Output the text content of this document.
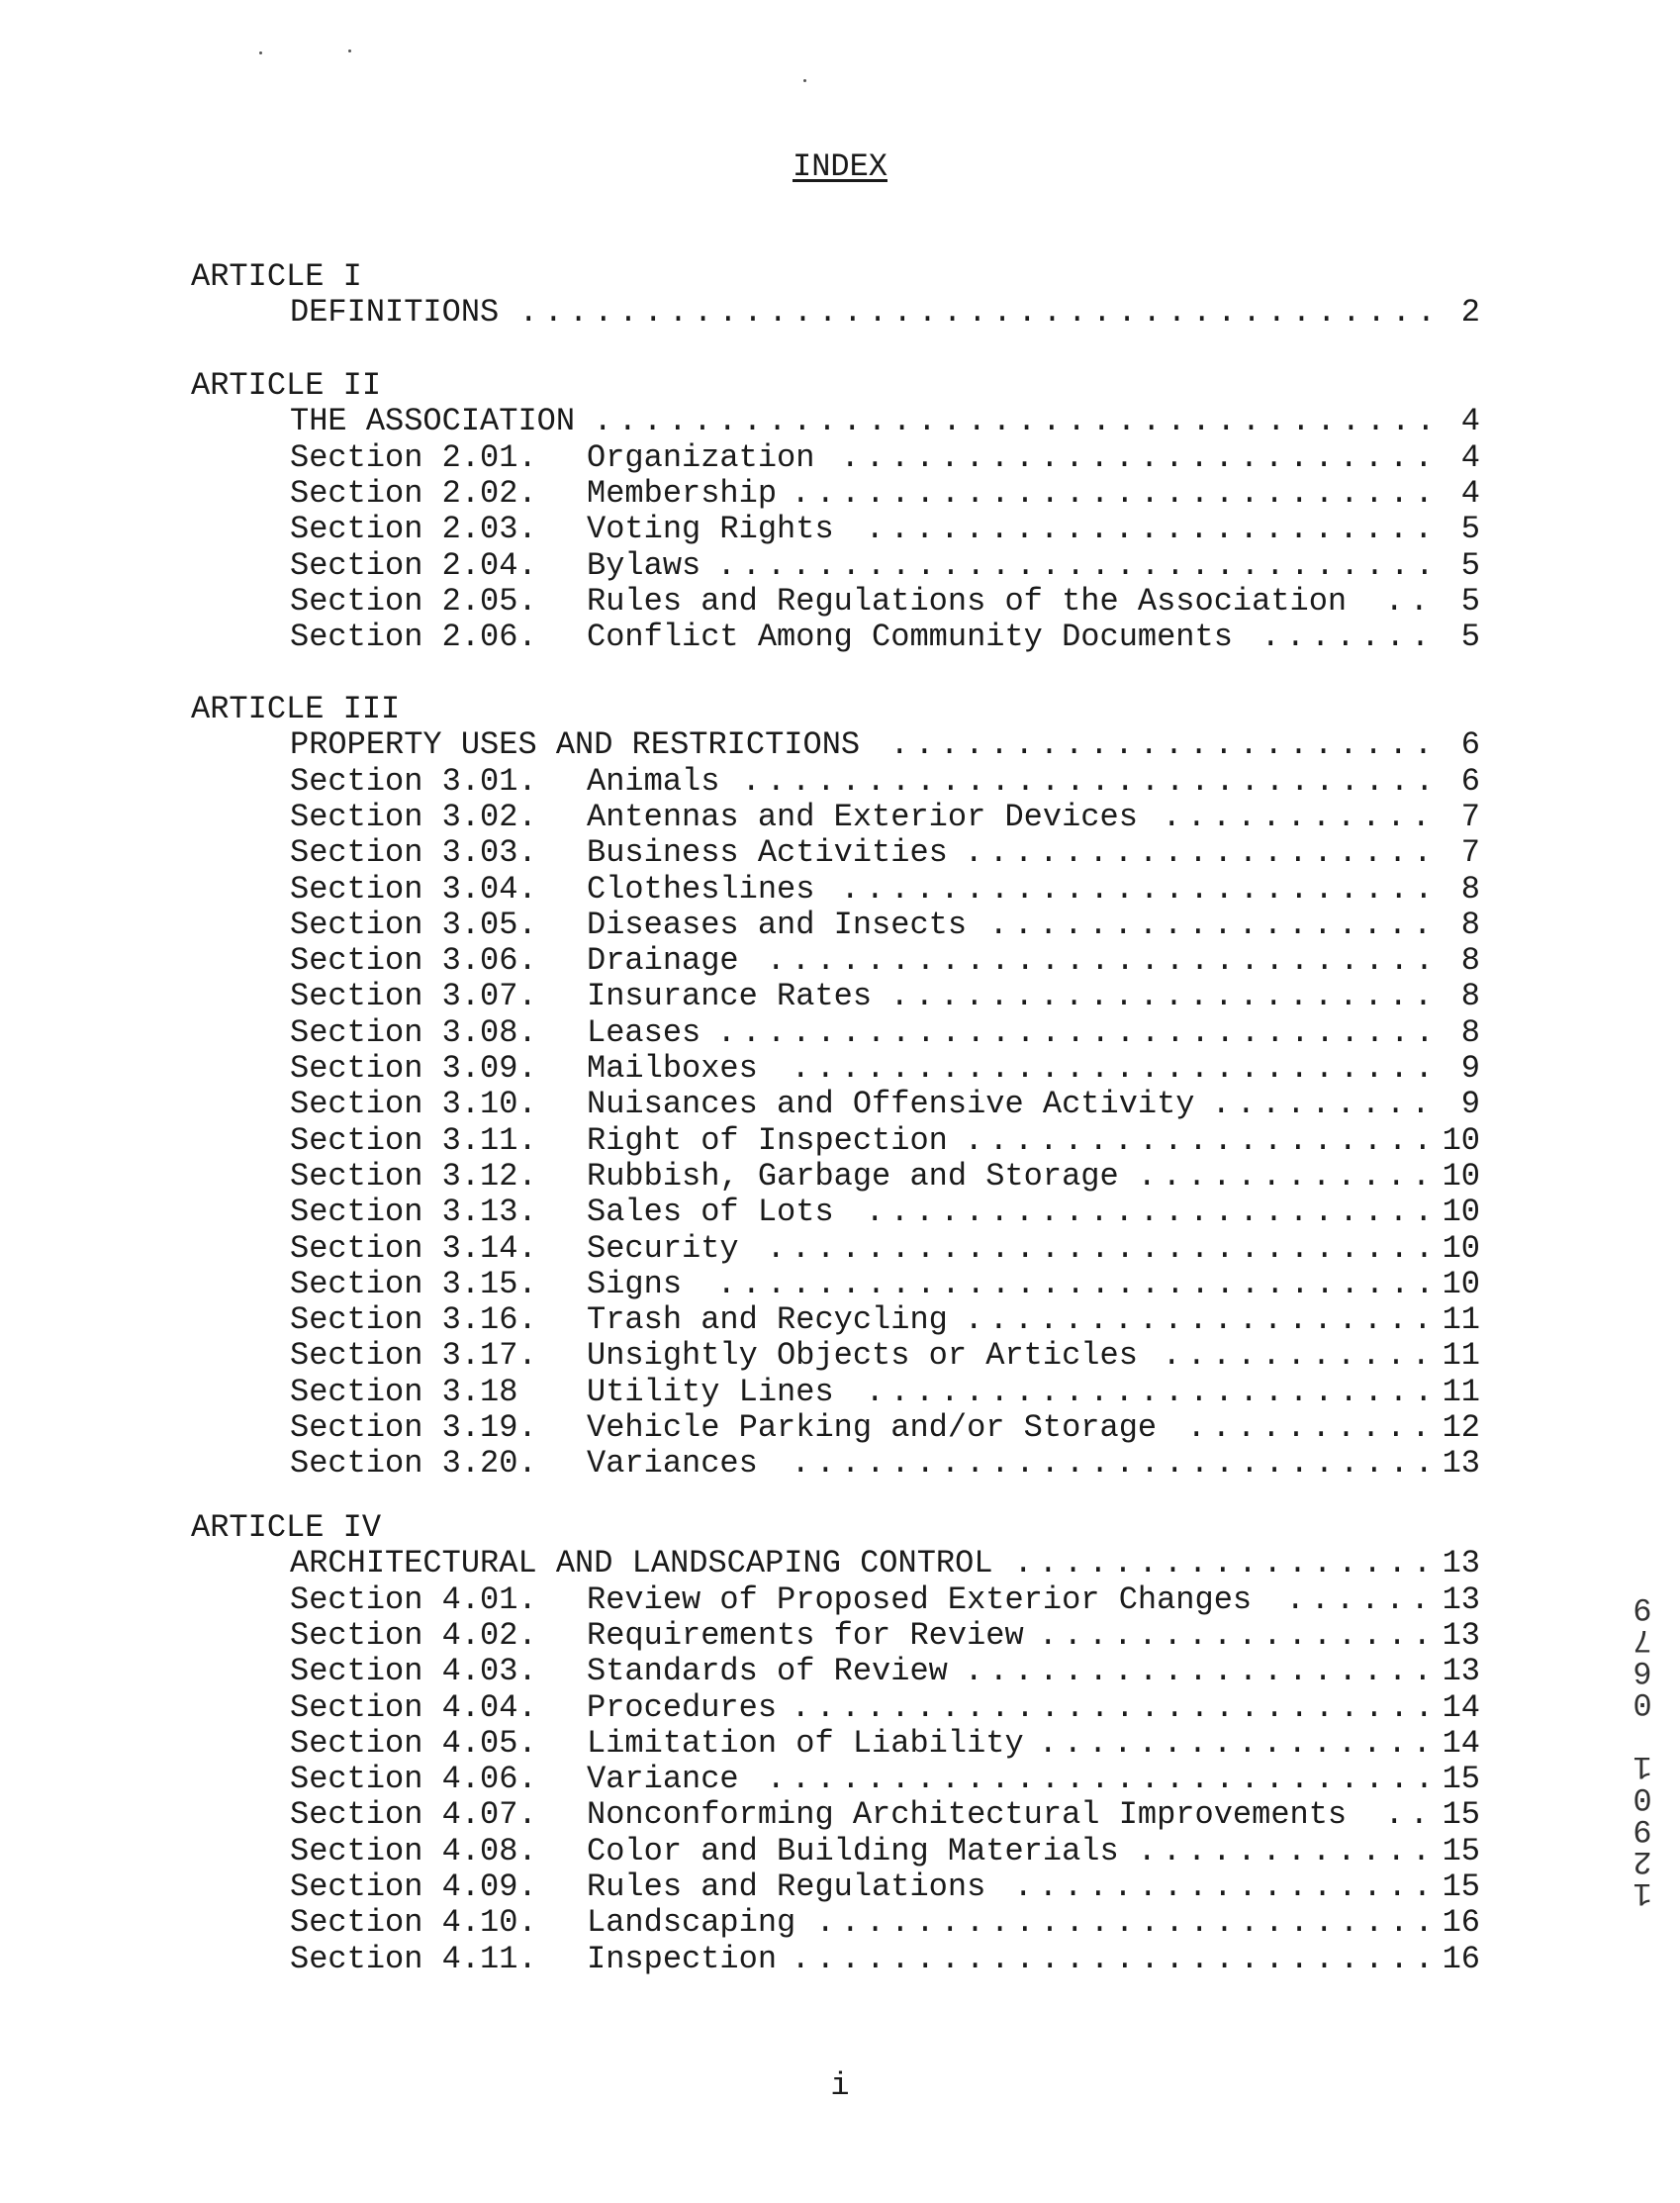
INDEX
ARTICLE I
DEFINITIONS ..................................... 2
ARTICLE II
THE ASSOCIATION .................................. 4
Section 2.01. Organization ........................ 4
Section 2.02. Membership .......................... 4
Section 2.03. Voting Rights ....................... 5
Section 2.04. Bylaws ............................. 5
Section 2.05. Rules and Regulations of the Association .. 5
Section 2.06. Conflict Among Community Documents ....... 5
ARTICLE III
PROPERTY USES AND RESTRICTIONS ...................... 6
Section 3.01. Animals ............................ 6
Section 3.02. Antennas and Exterior Devices ........... 7
Section 3.03. Business Activities ................... 7
Section 3.04. Clotheslines ........................ 8
Section 3.05. Diseases and Insects .................. 8
Section 3.06. Drainage ........................... 8
Section 3.07. Insurance Rates ...................... 8
Section 3.08. Leases ............................. 8
Section 3.09. Mailboxes .......................... 9
Section 3.10. Nuisances and Offensive Activity ......... 9
Section 3.11. Right of Inspection ................... 10
Section 3.12. Rubbish, Garbage and Storage ............ 10
Section 3.13. Sales of Lots ....................... 10
Section 3.14. Security ........................... 10
Section 3.15. Signs ............................. 10
Section 3.16. Trash and Recycling ................... 11
Section 3.17. Unsightly Objects or Articles ........... 11
Section 3.18 Utility Lines ....................... 11
Section 3.19. Vehicle Parking and/or Storage .......... 12
Section 3.20. Variances .......................... 13
ARTICLE IV
ARCHITECTURAL AND LANDSCAPING CONTROL ................. 13
Section 4.01. Review of Proposed Exterior Changes ...... 13
Section 4.02. Requirements for Review ................ 13
Section 4.03. Standards of Review ................... 13
Section 4.04. Procedures .......................... 14
Section 4.05. Limitation of Liability ................ 14
Section 4.06. Variance ........................... 15
Section 4.07. Nonconforming Architectural Improvements .. 15
Section 4.08. Color and Building Materials ............ 15
Section 4.09. Rules and Regulations ................. 15
Section 4.10. Landscaping ......................... 16
Section 4.11. Inspection .......................... 16
i
1
2
9
0
1

0
6
7
9
